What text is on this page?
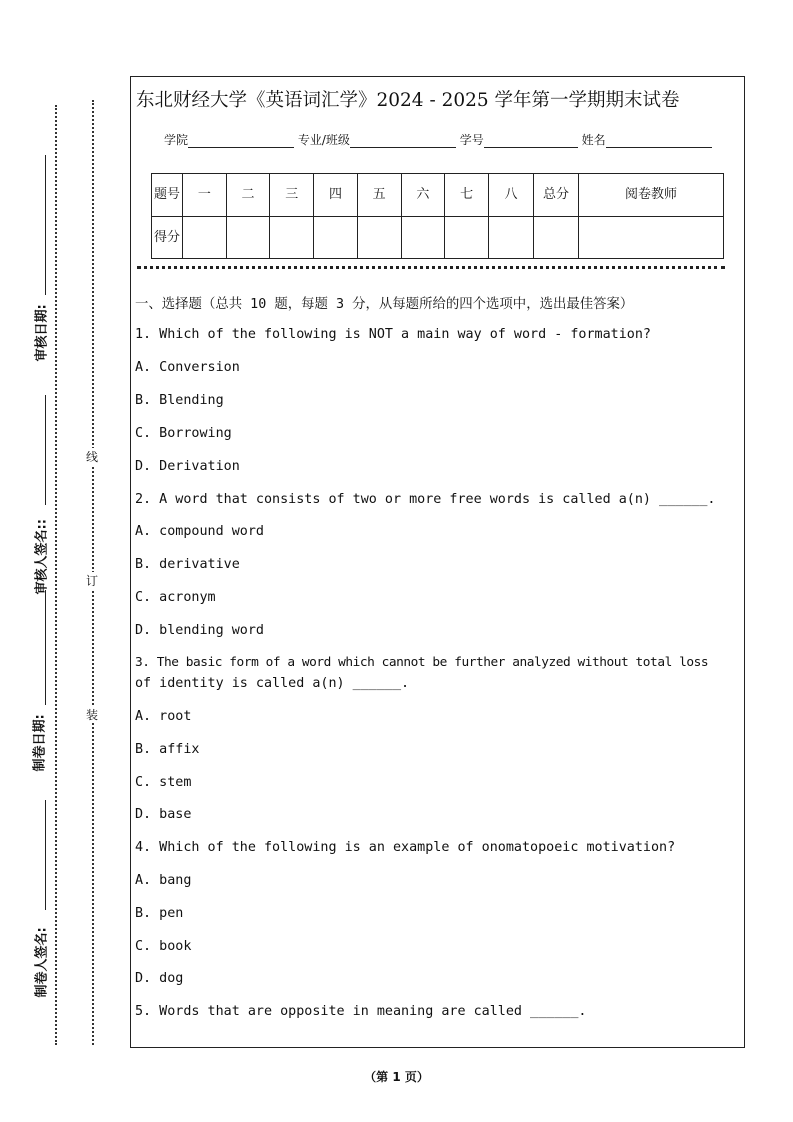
审核日期:
审核人签名::
制卷日期:
制卷人签名:
线
订
装
东北财经大学《英语词汇学》2024 - 2025 学年第一学期期末试卷
学院	专业/班级	学号	姓名
题号	一	二	三	四	五	六	七	八	总分	阅卷教师
得分										
一、选择题（总共 10 题，每题 3 分，从每题所给的四个选项中，选出最佳答案）
1. Which of the following is NOT a main way of word - formation?
A. Conversion
B. Blending
C. Borrowing
D. Derivation
2. A word that consists of two or more free words is called a(n) ______.
A. compound word
B. derivative
C. acronym
D. blending word
3. The basic form of a word which cannot be further analyzed without total loss
of identity is called a(n) ______.
A. root
B. affix
C. stem
D. base
4. Which of the following is an example of onomatopoeic motivation?
A. bang
B. pen
C. book
D. dog
5. Words that are opposite in meaning are called ______.
（第 1 页）
